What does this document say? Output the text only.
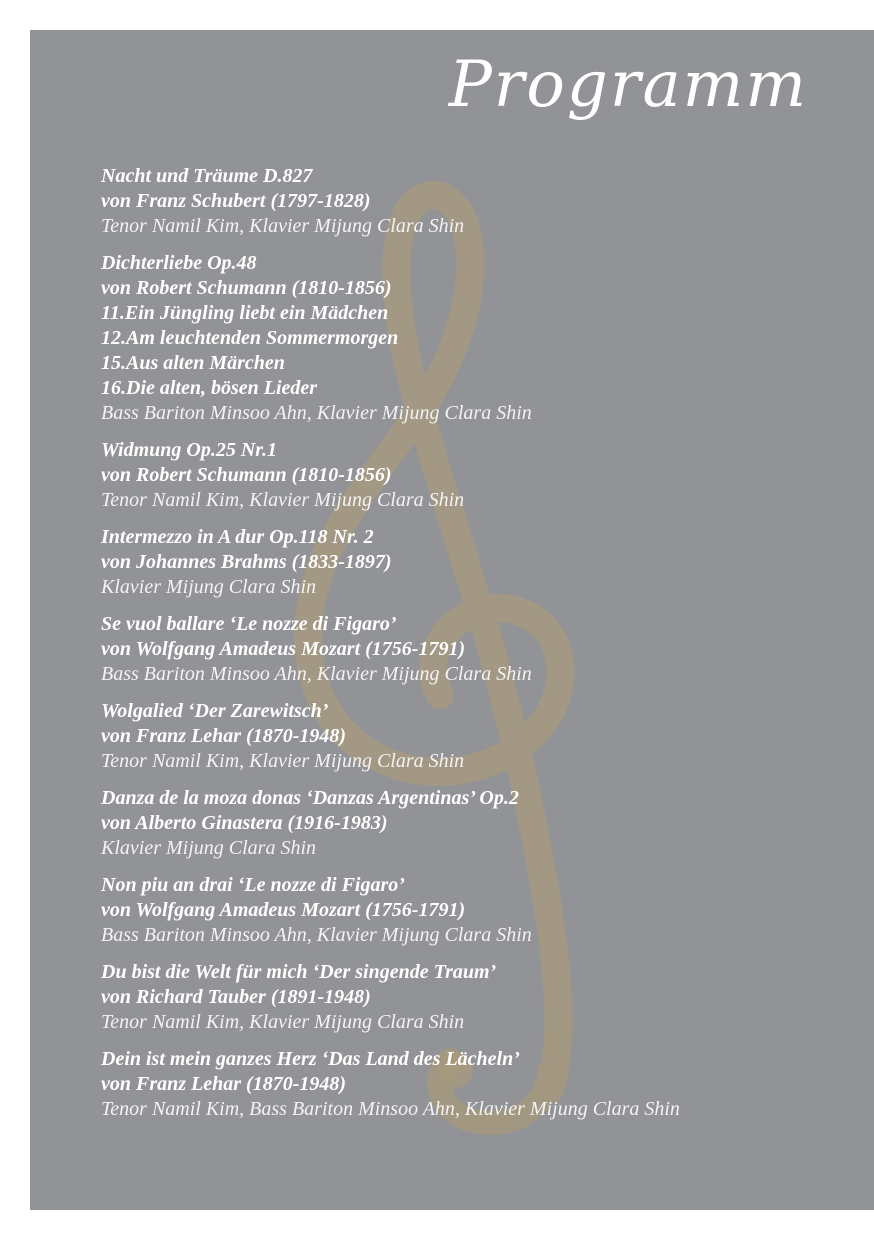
Programm
Nacht und Träume D.827
von Franz Schubert (1797-1828)
Tenor Namil Kim, Klavier Mijung Clara Shin
Dichterliebe Op.48
von Robert Schumann (1810-1856)
11.Ein Jüngling liebt ein Mädchen
12.Am leuchtenden Sommermorgen
15.Aus alten Märchen
16.Die alten, bösen Lieder
Bass Bariton Minsoo Ahn, Klavier Mijung Clara Shin
Widmung Op.25 Nr.1
von Robert Schumann (1810-1856)
Tenor Namil Kim, Klavier Mijung Clara Shin
Intermezzo in A dur Op.118 Nr. 2
von Johannes Brahms (1833-1897)
Klavier Mijung Clara Shin
Se vuol ballare ‘Le nozze di Figaro’
von Wolfgang Amadeus Mozart (1756-1791)
Bass Bariton Minsoo Ahn, Klavier Mijung Clara Shin
Wolgalied ‘Der Zarewitsch’
von Franz Lehar (1870-1948)
Tenor Namil Kim, Klavier Mijung Clara Shin
Danza de la moza donas ‘Danzas Argentinas’ Op.2
von Alberto Ginastera (1916-1983)
Klavier Mijung Clara Shin
Non piu an drai ‘Le nozze di Figaro’
von Wolfgang Amadeus Mozart (1756-1791)
Bass Bariton Minsoo Ahn, Klavier Mijung Clara Shin
Du bist die Welt für mich ‘Der singende Traum’
von Richard Tauber (1891-1948)
Tenor Namil Kim, Klavier Mijung Clara Shin
Dein ist mein ganzes Herz ‘Das Land des Lächeln’
von Franz Lehar (1870-1948)
Tenor Namil Kim, Bass Bariton Minsoo Ahn, Klavier Mijung Clara Shin
